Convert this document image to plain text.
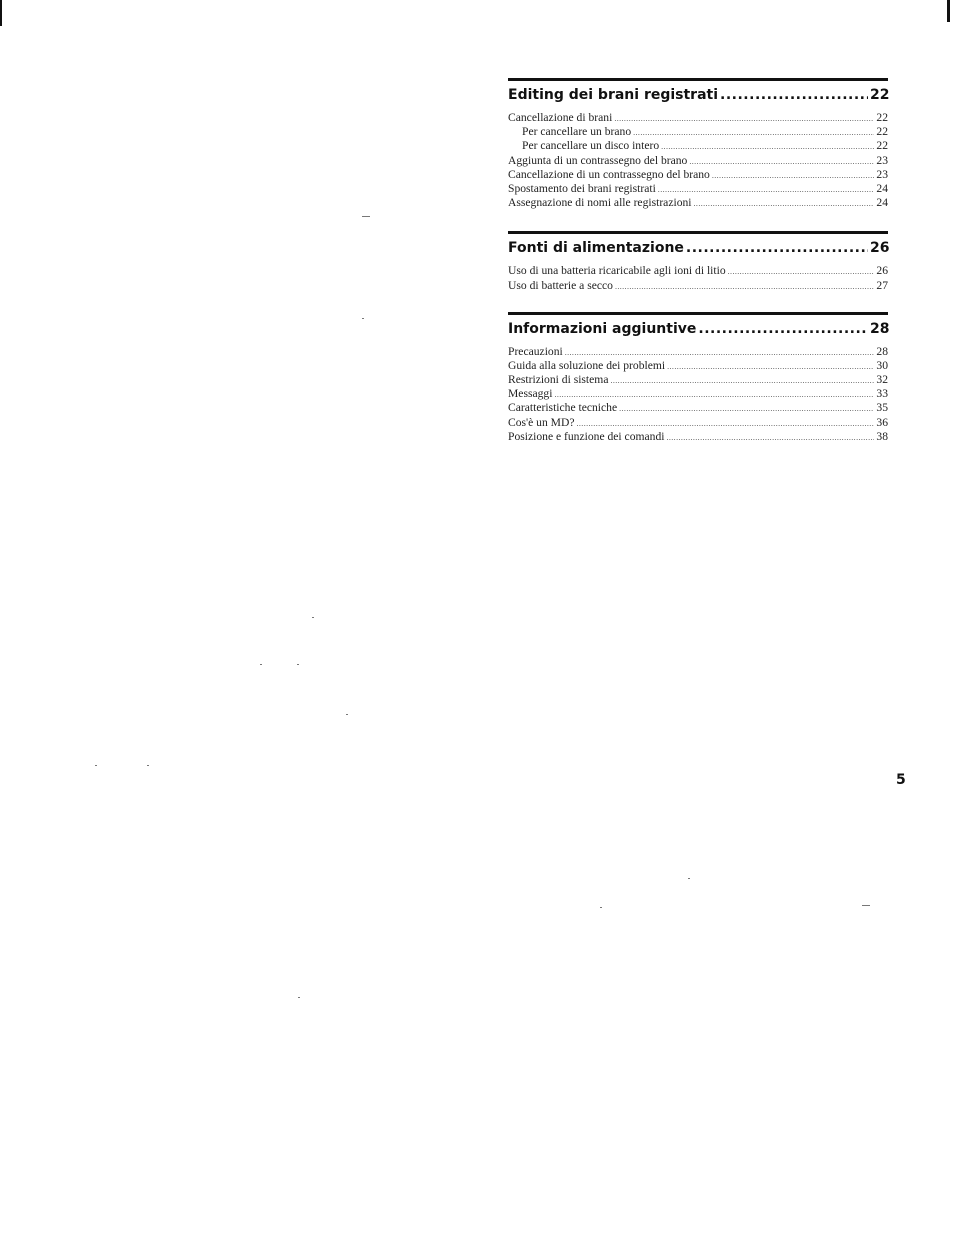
Editing dei brani registrati .....	22
Cancellazione di brani .....	22
Per cancellare un brano .....	22
Per cancellare un disco intero .....	22
Aggiunta di un contrassegno del brano .....	23
Cancellazione di un contrassegno del brano .....	23
Spostamento dei brani registrati .....	24
Assegnazione di nomi alle registrazioni .....	24
Fonti di alimentazione .....	26
Uso di una batteria ricaricabile agli ioni di litio .....	26
Uso di batterie a secco .....	27
Informazioni aggiuntive .....	28
Precauzioni .....	28
Guida alla soluzione dei problemi .....	30
Restrizioni di sistema .....	32
Messaggi .....	33
Caratteristiche tecniche .....	35
Cos'è un MD? .....	36
Posizione e funzione dei comandi .....	38
5
